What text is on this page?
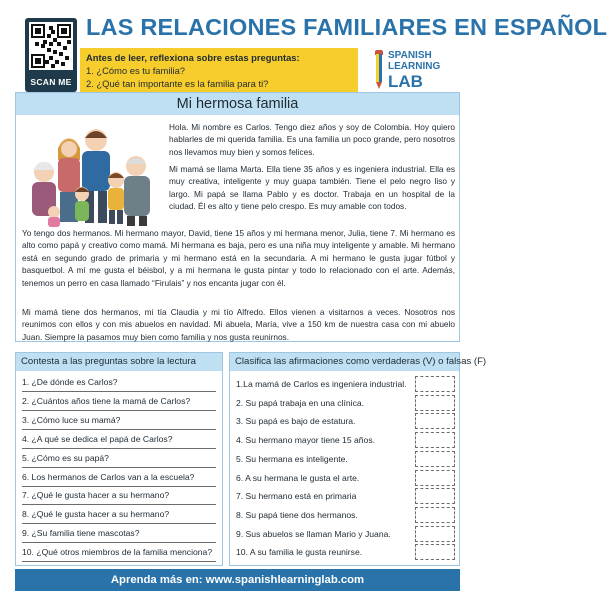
SCAN ME
LAS RELACIONES FAMILIARES EN ESPAÑOL
Antes de leer, reflexiona sobre estas preguntas:
1. ¿Cómo es tu familia?
2. ¿Qué tan importante es la familia para ti?
SPANISH
LEARNING
LAB
Mi hermosa familia

Hola. Mi nombre es Carlos. Tengo diez años y soy de Colombia. Hoy quiero hablarles de mi querida familia. Es una familia un poco grande, pero nosotros nos llevamos muy bien y somos felices.

Mi mamá se llama Marta. Ella tiene 35 años y es ingeniera industrial. Ella es muy creativa, inteligente y muy guapa también. Tiene el pelo negro liso y largo. Mi papá se llama Pablo y es doctor. Trabaja en un hospital de la ciudad. Él es alto y tiene pelo crespo. Es muy amable con todos.

Yo tengo dos hermanos. Mi hermano mayor, David, tiene 15 años y mi hermana menor, Julia, tiene 7. Mi hermano es alto como papá y creativo como mamá. Mi hermana es baja, pero es una niña muy inteligente y amable. Mi hermano está en segundo grado de primaria y mi hermano está en la secundaria. A mi hermano le gusta jugar fútbol y basquetbol. A mí me gusta el béisbol, y a mi hermana le gusta pintar y todo lo relacionado con el arte. Además, tenemos un perro en casa llamado “Firulais” y nos encanta jugar con él.

Mi mamá tiene dos hermanos, mi tía Claudia y mi tío Alfredo. Ellos vienen a visitarnos a veces. Nosotros nos reunimos con ellos y con mis abuelos en navidad. Mi abuela, María, vive a 150 km de nuestra casa con mi abuelo Juan. Siempre la pasamos muy bien como familia y nos gusta reunirnos.

Contesta a las preguntas sobre la lectura
1. ¿De dónde es Carlos?
2. ¿Cuántos años tiene la mamá de Carlos?
3. ¿Cómo luce su mamá?
4. ¿A qué se dedica el papá de Carlos?
5. ¿Cómo es su papá?
6. Los hermanos de Carlos van a la escuela?
7. ¿Qué le gusta hacer a su hermano?
8. ¿Qué le gusta hacer a su hermano?
9. ¿Su familia tiene mascotas?
10. ¿Qué otros miembros de la familia menciona?
Clasifica las afirmaciones como verdaderas (V) o falsas (F)
1.La mamá de Carlos es ingeniera industrial.
2. Su papá trabaja en una clínica.
3. Su papá es bajo de estatura.
4. Su hermano mayor tiene 15 años.
5. Su hermana es inteligente.
6. A su hermana le gusta el arte.
7. Su hermano está en primaria
8. Su papá tiene dos hermanos.
9. Sus abuelos se llaman Mario y Juana.
10. A su familia le gusta reunirse.
Aprenda más en: www.spanishlearninglab.com
